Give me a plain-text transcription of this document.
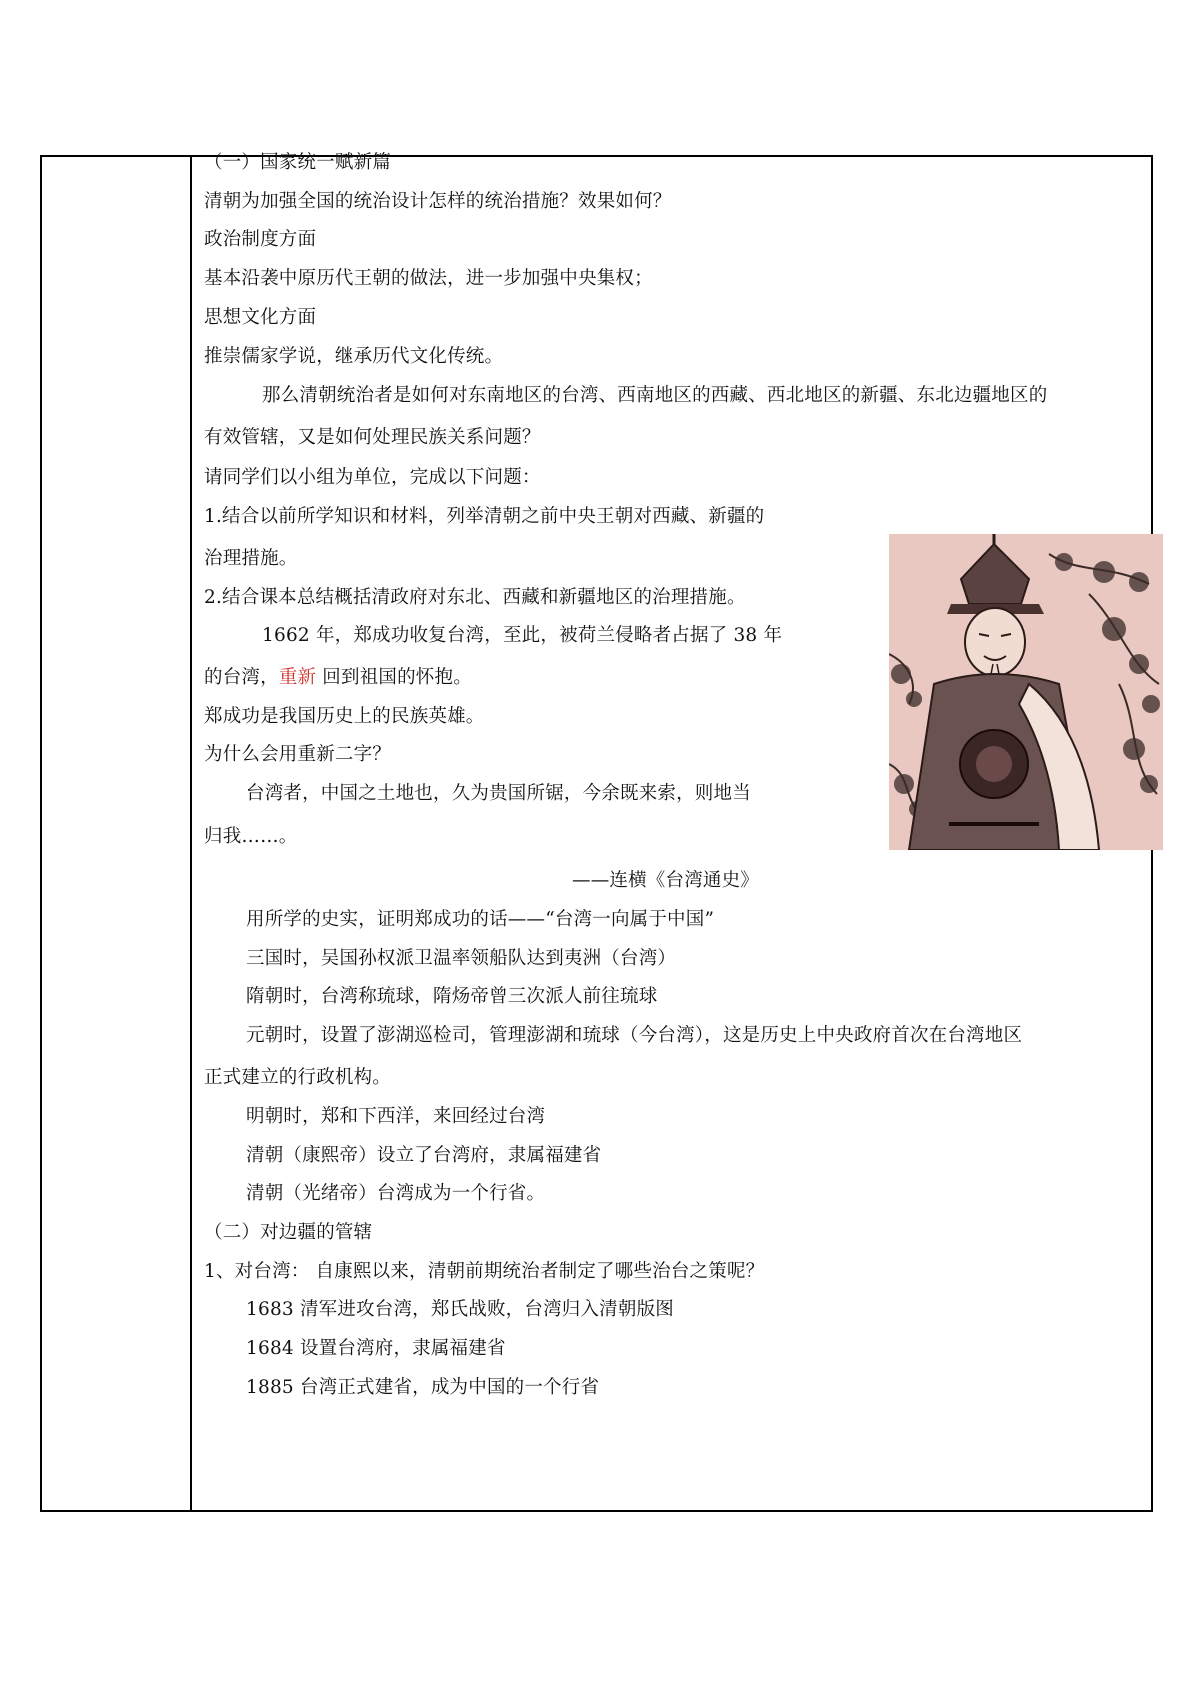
（一）国家统一赋新篇
清朝为加强全国的统治设计怎样的统治措施？效果如何？
政治制度方面
基本沿袭中原历代王朝的做法，进一步加强中央集权；
思想文化方面
推崇儒家学说，继承历代文化传统。
那么清朝统治者是如何对东南地区的台湾、西南地区的西藏、西北地区的新疆、东北边疆地区的
有效管辖，又是如何处理民族关系问题？
请同学们以小组为单位，完成以下问题：
1.结合以前所学知识和材料，列举清朝之前中央王朝对西藏、新疆的
治理措施。
2.结合课本总结概括清政府对东北、西藏和新疆地区的治理措施。
1662 年，郑成功收复台湾，至此，被荷兰侵略者占据了 38 年
的台湾，重新 回到祖国的怀抱。
郑成功是我国历史上的民族英雄。
为什么会用重新二字？
台湾者，中国之土地也，久为贵国所锯，今余既来索，则地当
归我……。
——连横《台湾通史》
用所学的史实，证明郑成功的话——“台湾一向属于中国”
三国时，吴国孙权派卫温率领船队达到夷洲（台湾）
隋朝时，台湾称琉球，隋炀帝曾三次派人前往琉球
元朝时，设置了澎湖巡检司，管理澎湖和琉球（今台湾），这是历史上中央政府首次在台湾地区
正式建立的行政机构。
明朝时，郑和下西洋，来回经过台湾
清朝（康熙帝）设立了台湾府，隶属福建省
清朝（光绪帝）台湾成为一个行省。
（二）对边疆的管辖
1、对台湾： 自康熙以来，清朝前期统治者制定了哪些治台之策呢？
1683 清军进攻台湾，郑氏战败，台湾归入清朝版图
1684 设置台湾府，隶属福建省
1885 台湾正式建省，成为中国的一个行省
